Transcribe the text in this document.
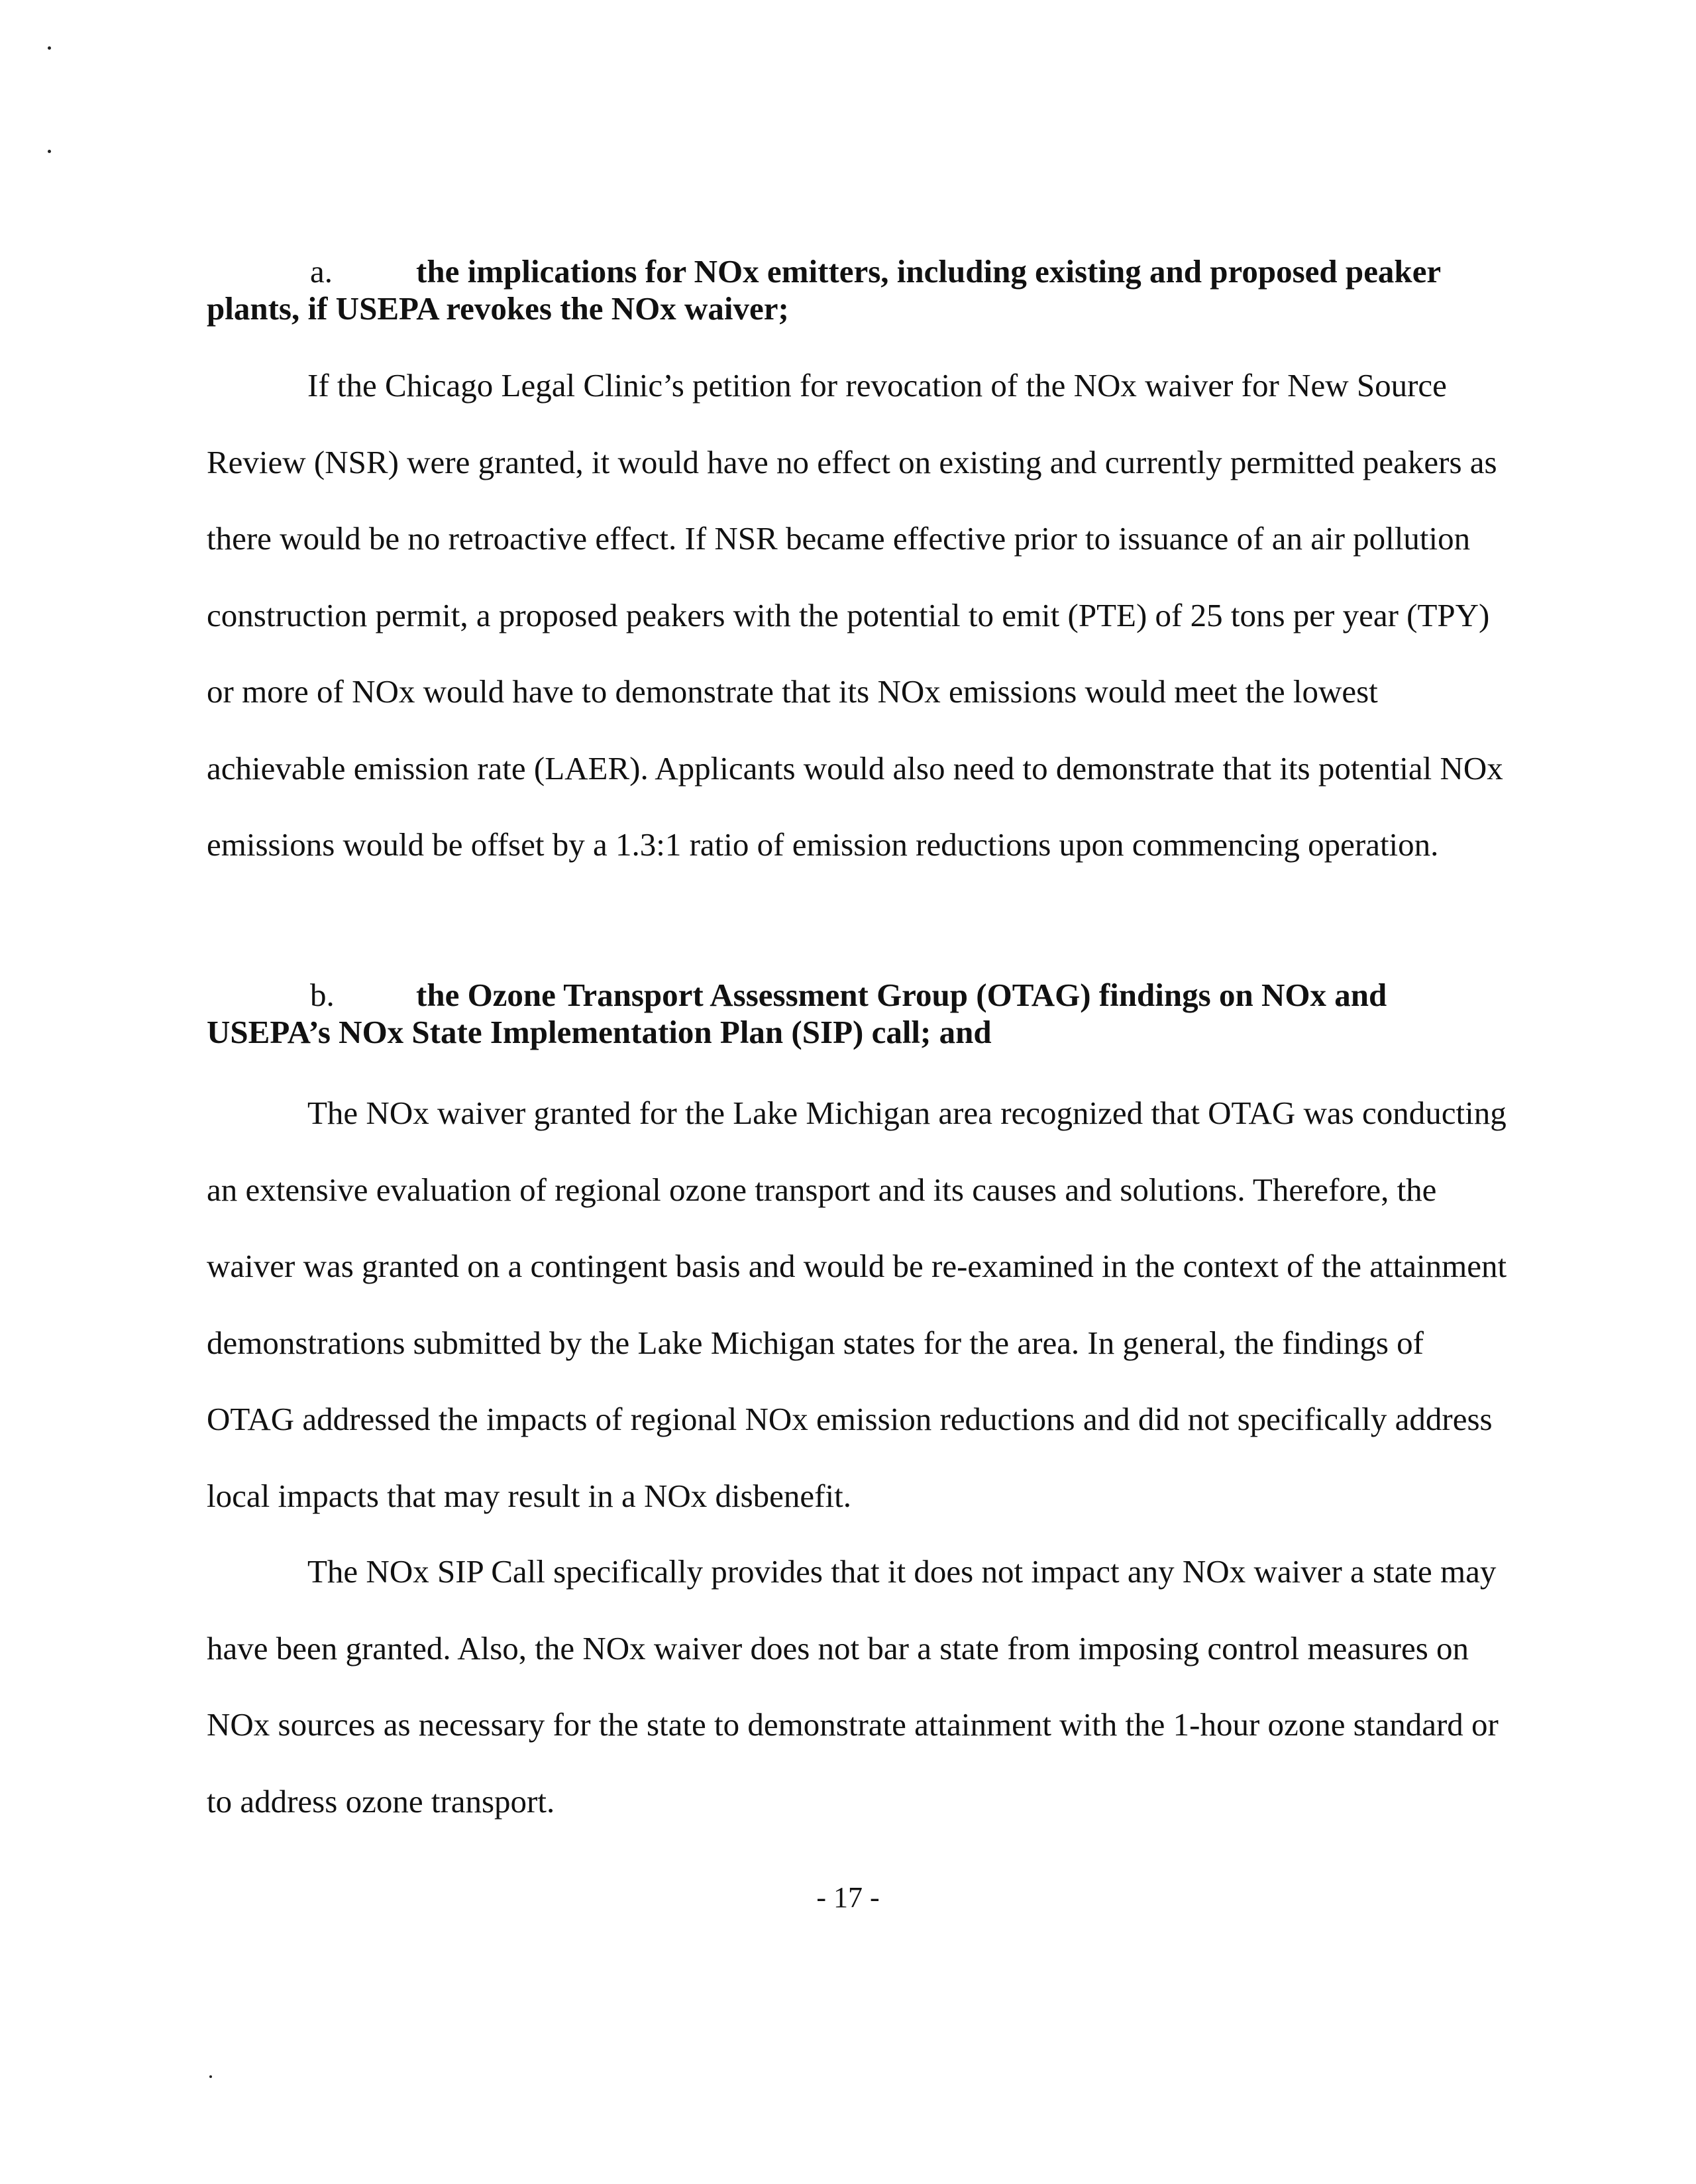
a.	the implications for NOx emitters, including existing and proposed peaker plants, if USEPA revokes the NOx waiver;

If the Chicago Legal Clinic’s petition for revocation of the NOx waiver for New Source Review (NSR) were granted, it would have no effect on existing and currently permitted peakers as there would be no retroactive effect. If NSR became effective prior to issuance of an air pollution construction permit, a proposed peakers with the potential to emit (PTE) of 25 tons per year (TPY) or more of NOx would have to demonstrate that its NOx emissions would meet the lowest achievable emission rate (LAER). Applicants would also need to demonstrate that its potential NOx emissions would be offset by a 1.3:1 ratio of emission reductions upon commencing operation.

b.	the Ozone Transport Assessment Group (OTAG) findings on NOx and USEPA’s NOx State Implementation Plan (SIP) call; and

The NOx waiver granted for the Lake Michigan area recognized that OTAG was conducting an extensive evaluation of regional ozone transport and its causes and solutions. Therefore, the waiver was granted on a contingent basis and would be re-examined in the context of the attainment demonstrations submitted by the Lake Michigan states for the area. In general, the findings of OTAG addressed the impacts of regional NOx emission reductions and did not specifically address local impacts that may result in a NOx disbenefit.

The NOx SIP Call specifically provides that it does not impact any NOx waiver a state may have been granted. Also, the NOx waiver does not bar a state from imposing control measures on NOx sources as necessary for the state to demonstrate attainment with the 1-hour ozone standard or to address ozone transport.

- 17 -
